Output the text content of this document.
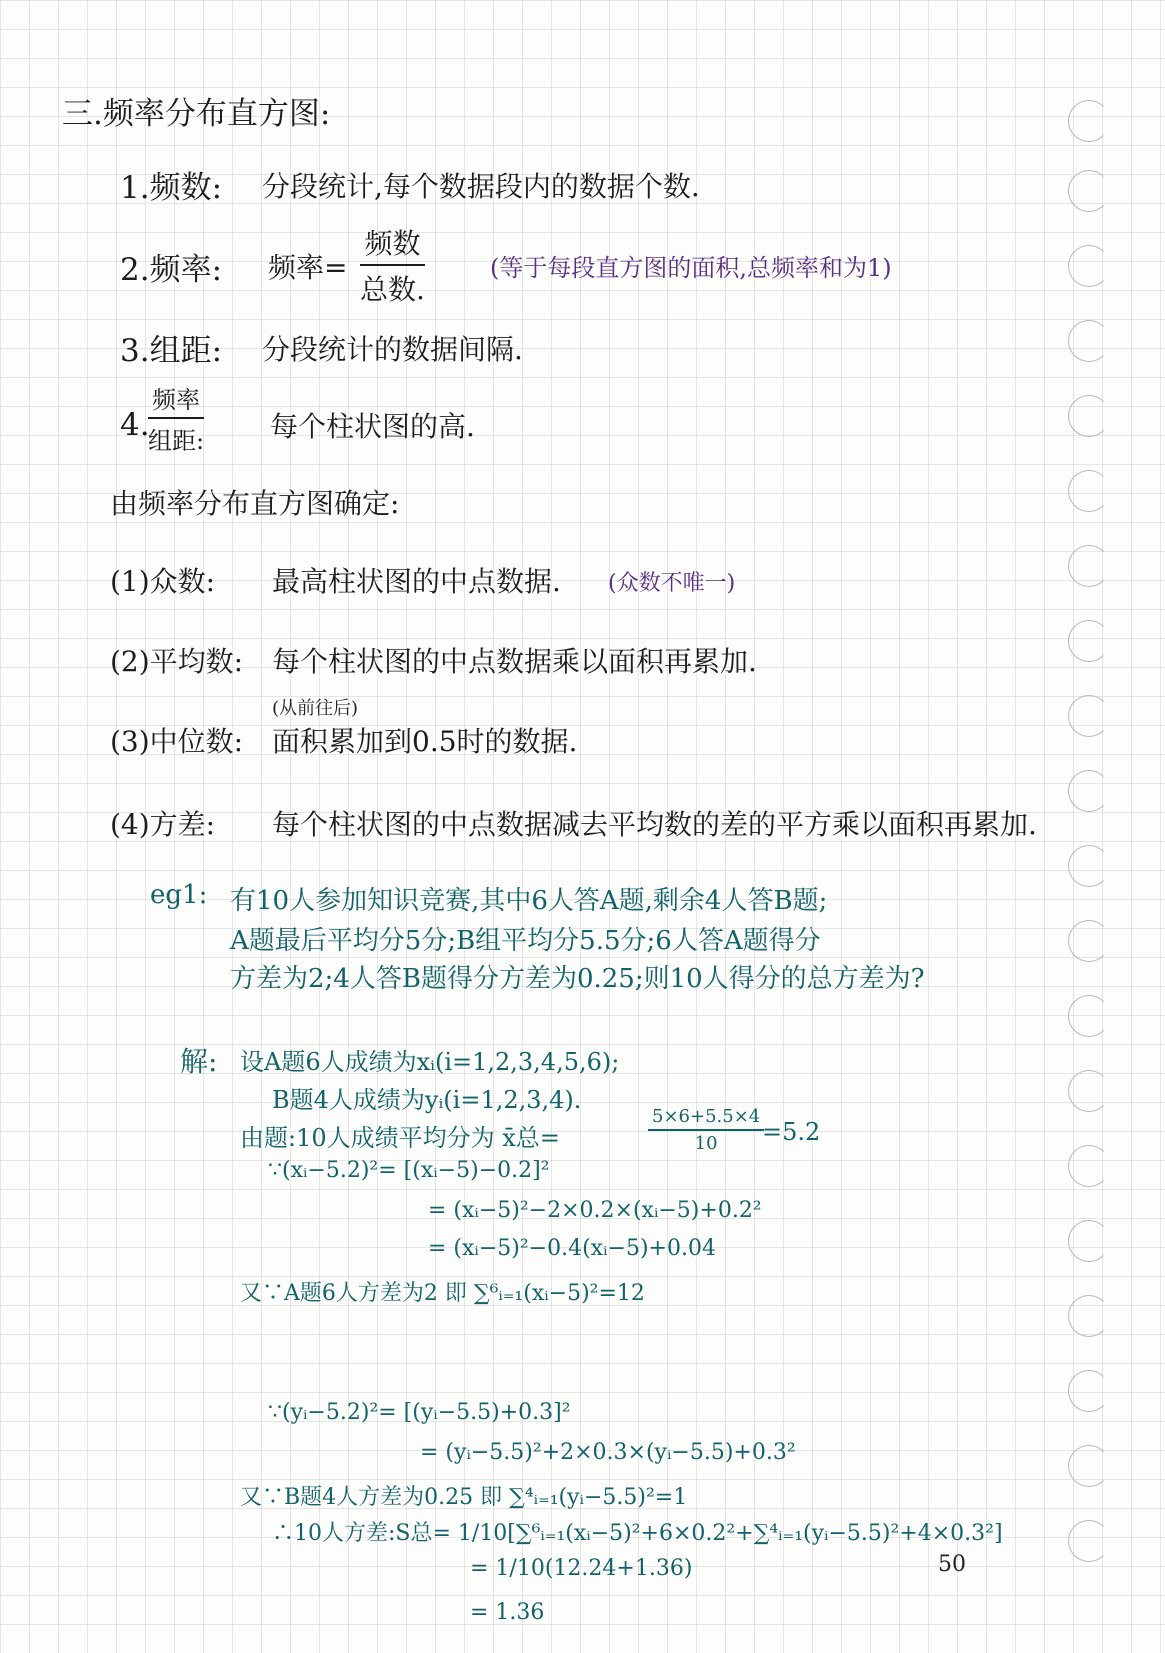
三.频率分布直方图:
1.频数: 分段统计,每个数据段内的数据个数.
2.频率: 频率=
频数
总数.
(等于每段直方图的面积,总频率和为1)
3.组距: 分段统计的数据间隔.
4.
频率
组距: 每个柱状图的高.
由频率分布直方图确定:
(1)众数: 最高柱状图的中点数据. (众数不唯一)
(2)平均数: 每个柱状图的中点数据乘以面积再累加.
(从前往后)
(3)中位数: 面积累加到0.5时的数据.
(4)方差: 每个柱状图的中点数据减去平均数的差的平方乘以面积再累加.
eg1: 有10人参加知识竞赛,其中6人答A题,剩余4人答B题;
A题最后平均分5分;B组平均分5.5分;6人答A题得分
方差为2;4人答B题得分方差为0.25;则10人得分的总方差为?
解: 设A题6人成绩为xᵢ(i=1,2,3,4,5,6);
B题4人成绩为yᵢ(i=1,2,3,4).
由题:10人成绩平均分为 x̄总=	$\frac{5\times 6+5.5\times 4}{10}$
=5.2
∵(xᵢ−5.2)²= [(xᵢ−5)−0.2]²
= (xᵢ−5)²−2×0.2×(xᵢ−5)+0.2²
= (xᵢ−5)²−0.4(xᵢ−5)+0.04
又∵A题6人方差为2 即 ∑⁶ᵢ₌₁(xᵢ−5)²=12
∵(yᵢ−5.2)²= [(yᵢ−5.5)+0.3]²
= (yᵢ−5.5)²+2×0.3×(yᵢ−5.5)+0.3²
又∵B题4人方差为0.25 即 ∑⁴ᵢ₌₁(yᵢ−5.5)²=1
∴10人方差:S总= 1/10[∑⁶ᵢ₌₁(xᵢ−5)²+6×0.2²+∑⁴ᵢ₌₁(yᵢ−5.5)²+4×0.3²]
= 1/10(12.24+1.36)
= 1.36
50
